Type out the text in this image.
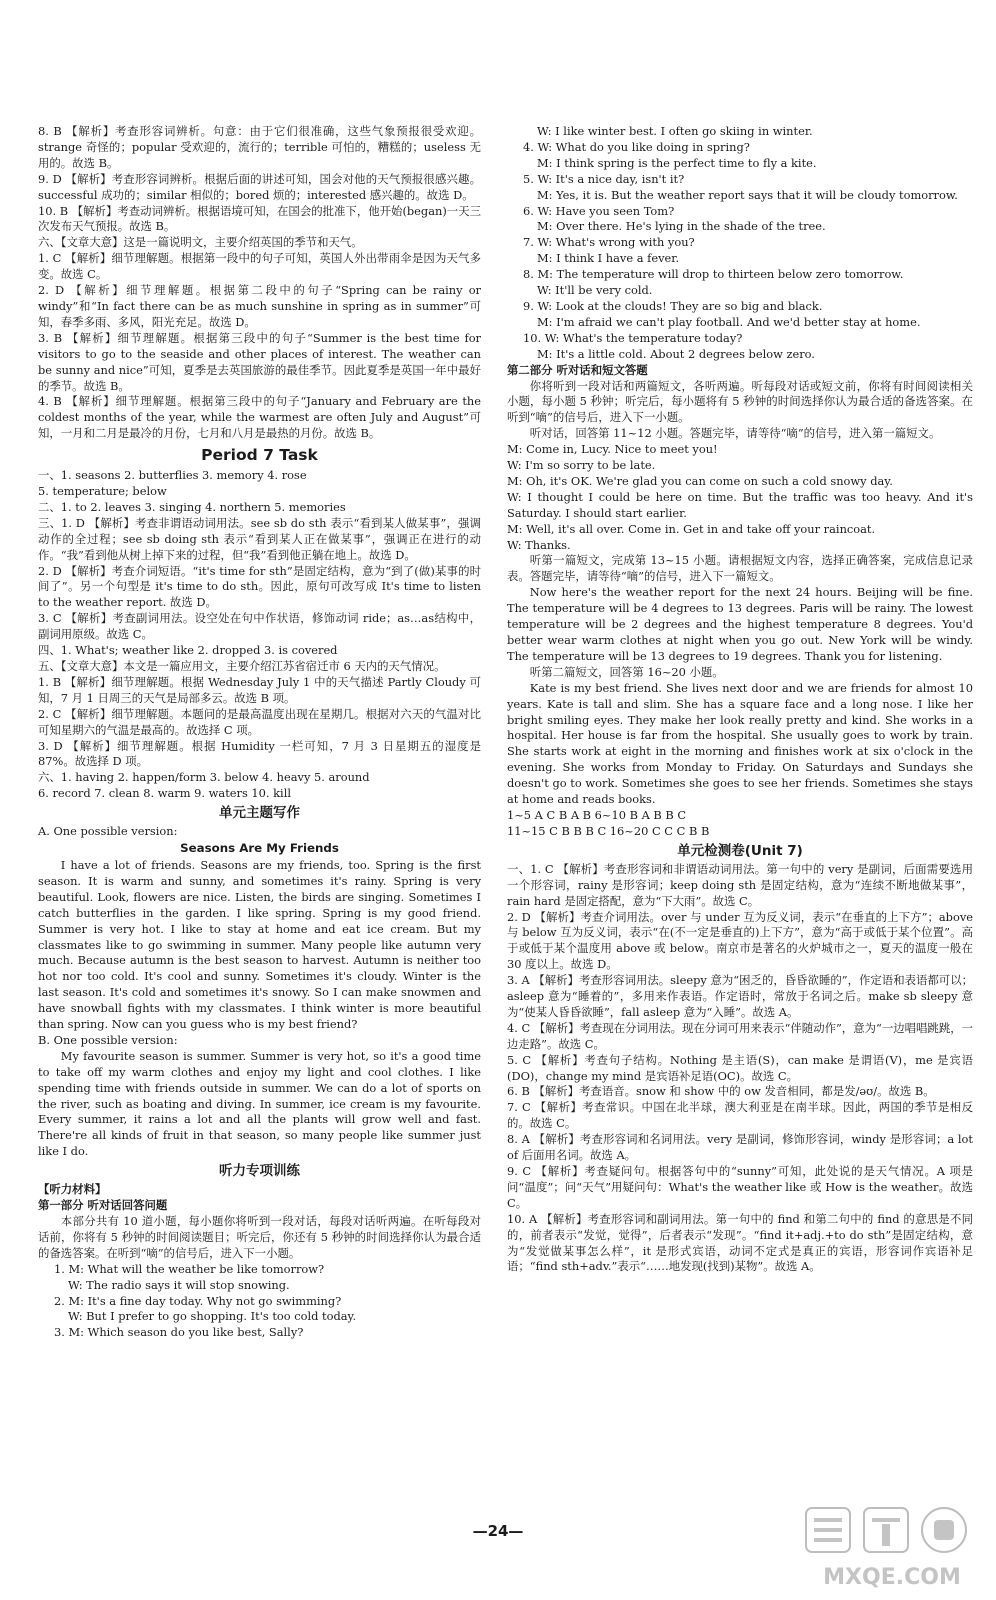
8. B 【解析】考查形容词辨析。句意：由于它们很准确，这些气象预报很受欢迎。strange 奇怪的；popular 受欢迎的，流行的；terrible 可怕的，糟糕的；useless 无用的。故选 B。

9. D 【解析】考查形容词辨析。根据后面的讲述可知，国会对他的天气预报很感兴趣。successful 成功的；similar 相似的；bored 烦的；interested 感兴趣的。故选 D。

10. B 【解析】考查动词辨析。根据语境可知，在国会的批准下，他开始(began)一天三次发布天气预报。故选 B。

六、【文章大意】这是一篇说明文，主要介绍英国的季节和天气。

1. C 【解析】细节理解题。根据第一段中的句子可知，英国人外出带雨伞是因为天气多变。故选 C。

2. D 【解析】细节理解题。根据第二段中的句子“Spring can be rainy or windy”和“In fact there can be as much sunshine in spring as in summer”可知，春季多雨、多风，阳光充足。故选 D。

3. B 【解析】细节理解题。根据第三段中的句子“Summer is the best time for visitors to go to the seaside and other places of interest. The weather can be sunny and nice”可知，夏季是去英国旅游的最佳季节。因此夏季是英国一年中最好的季节。故选 B。

4. B 【解析】细节理解题。根据第三段中的句子“January and February are the coldest months of the year, while the warmest are often July and August”可知，一月和二月是最冷的月份，七月和八月是最热的月份。故选 B。

Period 7 Task

一、1. seasons 2. butterflies 3. memory 4. rose

5. temperature; below

二、1. to 2. leaves 3. singing 4. northern 5. memories

三、1. D 【解析】考查非谓语动词用法。see sb do sth 表示“看到某人做某事”，强调动作的全过程；see sb doing sth 表示“看到某人正在做某事”，强调正在进行的动作。“我”看到他从树上掉下来的过程，但“我”看到他正躺在地上。故选 D。

2. D 【解析】考查介词短语。“it's time for sth”是固定结构，意为“到了(做)某事的时间了”。另一个句型是 it's time to do sth。因此，原句可改写成 It's time to listen to the weather report. 故选 D。

3. C 【解析】考查副词用法。设空处在句中作状语，修饰动词 ride；as…as结构中，副词用原级。故选 C。

四、1. What's; weather like 2. dropped 3. is covered

五、【文章大意】本文是一篇应用文，主要介绍江苏省宿迁市 6 天内的天气情况。

1. B 【解析】细节理解题。根据 Wednesday July 1 中的天气描述 Partly Cloudy 可知，7 月 1 日周三的天气是局部多云。故选 B 项。

2. C 【解析】细节理解题。本题问的是最高温度出现在星期几。根据对六天的气温对比可知星期六的气温是最高的。故选择 C 项。

3. D 【解析】细节理解题。根据 Humidity 一栏可知，7 月 3 日星期五的湿度是 87%。故选择 D 项。

六、1. having 2. happen/form 3. below 4. heavy 5. around

6. record 7. clean 8. warm 9. waters 10. kill

单元主题写作

A. One possible version:

Seasons Are My Friends

I have a lot of friends. Seasons are my friends, too. Spring is the first season. It is warm and sunny, and sometimes it's rainy. Spring is very beautiful. Look, flowers are nice. Listen, the birds are singing. Sometimes I catch butterflies in the garden. I like spring. Spring is my good friend. Summer is very hot. I like to stay at home and eat ice cream. But my classmates like to go swimming in summer. Many people like autumn very much. Because autumn is the best season to harvest. Autumn is neither too hot nor too cold. It's cool and sunny. Sometimes it's cloudy. Winter is the last season. It's cold and sometimes it's snowy. So I can make snowmen and have snowball fights with my classmates. I think winter is more beautiful than spring. Now can you guess who is my best friend?

B. One possible version:

My favourite season is summer. Summer is very hot, so it's a good time to take off my warm clothes and enjoy my light and cool clothes. I like spending time with friends outside in summer. We can do a lot of sports on the river, such as boating and diving. In summer, ice cream is my favourite. Every summer, it rains a lot and all the plants will grow well and fast. There're all kinds of fruit in that season, so many people like summer just like I do.

听力专项训练

【听力材料】

第一部分 听对话回答问题

本部分共有 10 道小题，每小题你将听到一段对话，每段对话听两遍。在听每段对话前，你将有 5 秒钟的时间阅读题目；听完后，你还有 5 秒钟的时间选择你认为最合适的备选答案。在听到“嘀”的信号后，进入下一小题。

1. M: What will the weather be like tomorrow?

W: The radio says it will stop snowing.

2. M: It's a fine day today. Why not go swimming?

W: But I prefer to go shopping. It's too cold today.

3. M: Which season do you like best, Sally?

W: I like winter best. I often go skiing in winter.

4. W: What do you like doing in spring?

M: I think spring is the perfect time to fly a kite.

5. W: It's a nice day, isn't it?

M: Yes, it is. But the weather report says that it will be cloudy tomorrow.

6. W: Have you seen Tom?

M: Over there. He's lying in the shade of the tree.

7. W: What's wrong with you?

M: I think I have a fever.

8. M: The temperature will drop to thirteen below zero tomorrow.

W: It'll be very cold.

9. W: Look at the clouds! They are so big and black.

M: I'm afraid we can't play football. And we'd better stay at home.

10. W: What's the temperature today?

M: It's a little cold. About 2 degrees below zero.

第二部分 听对话和短文答题

你将听到一段对话和两篇短文，各听两遍。听每段对话或短文前，你将有时间阅读相关小题，每小题 5 秒钟；听完后，每小题将有 5 秒钟的时间选择你认为最合适的备选答案。在听到“嘀”的信号后，进入下一小题。

听对话，回答第 11~12 小题。答题完毕，请等待“嘀”的信号，进入第一篇短文。

M: Come in, Lucy. Nice to meet you!

W: I'm so sorry to be late.

M: Oh, it's OK. We're glad you can come on such a cold snowy day.

W: I thought I could be here on time. But the traffic was too heavy. And it's Saturday. I should start earlier.

M: Well, it's all over. Come in. Get in and take off your raincoat.

W: Thanks.

听第一篇短文，完成第 13~15 小题。请根据短文内容，选择正确答案，完成信息记录表。答题完毕，请等待“嘀”的信号，进入下一篇短文。

Now here's the weather report for the next 24 hours. Beijing will be fine. The temperature will be 4 degrees to 13 degrees. Paris will be rainy. The lowest temperature will be 2 degrees and the highest temperature 8 degrees. You'd better wear warm clothes at night when you go out. New York will be windy. The temperature will be 13 degrees to 19 degrees. Thank you for listening.

听第二篇短文，回答第 16~20 小题。

Kate is my best friend. She lives next door and we are friends for almost 10 years. Kate is tall and slim. She has a square face and a long nose. I like her bright smiling eyes. They make her look really pretty and kind. She works in a hospital. Her house is far from the hospital. She usually goes to work by train. She starts work at eight in the morning and finishes work at six o'clock in the evening. She works from Monday to Friday. On Saturdays and Sundays she doesn't go to work. Sometimes she goes to see her friends. Sometimes she stays at home and reads books.

1~5 A C B A B 6~10 B A B B C

11~15 C B B B C 16~20 C C C B B

单元检测卷(Unit 7)

一、1. C 【解析】考查形容词和非谓语动词用法。第一句中的 very 是副词，后面需要选用一个形容词，rainy 是形容词；keep doing sth 是固定结构，意为“连续不断地做某事”，rain hard 是固定搭配，意为“下大雨”。故选 C。

2. D 【解析】考查介词用法。over 与 under 互为反义词，表示“在垂直的上下方”；above 与 below 互为反义词，表示“在(不一定是垂直的)上下方”，意为“高于或低于某个位置”。高于或低于某个温度用 above 或 below。南京市是著名的火炉城市之一，夏天的温度一般在 30 度以上。故选 D。

3. A 【解析】考查形容词用法。sleepy 意为“困乏的，昏昏欲睡的”，作定语和表语都可以；asleep 意为“睡着的”，多用来作表语。作定语时，常放于名词之后。make sb sleepy 意为“使某人昏昏欲睡”，fall asleep 意为“入睡”。故选 A。

4. C 【解析】考查现在分词用法。现在分词可用来表示“伴随动作”，意为“一边唱唱跳跳，一边走路”。故选 C。

5. C 【解析】考查句子结构。Nothing 是主语(S)，can make 是谓语(V)，me 是宾语(DO)，change my mind 是宾语补足语(OC)。故选 C。

6. B 【解析】考查语音。snow 和 show 中的 ow 发音相同，都是发/əʊ/。故选 B。

7. C 【解析】考查常识。中国在北半球，澳大利亚是在南半球。因此，两国的季节是相反的。故选 C。

8. A 【解析】考查形容词和名词用法。very 是副词，修饰形容词，windy 是形容词；a lot of 后面用名词。故选 A。

9. C 【解析】考查疑问句。根据答句中的“sunny”可知，此处说的是天气情况。A 项是问“温度”；问“天气”用疑问句：What's the weather like 或 How is the weather。故选 C。

10. A 【解析】考查形容词和副词用法。第一句中的 find 和第二句中的 find 的意思是不同的，前者表示“发觉，觉得”，后者表示“发现”。“find it+adj.+to do sth”是固定结构，意为“发觉做某事怎么样”，it 是形式宾语，动词不定式是真正的宾语，形容词作宾语补足语；“find sth+adv.”表示“……地发现(找到)某物”。故选 A。

—24—
MXQE.COM
